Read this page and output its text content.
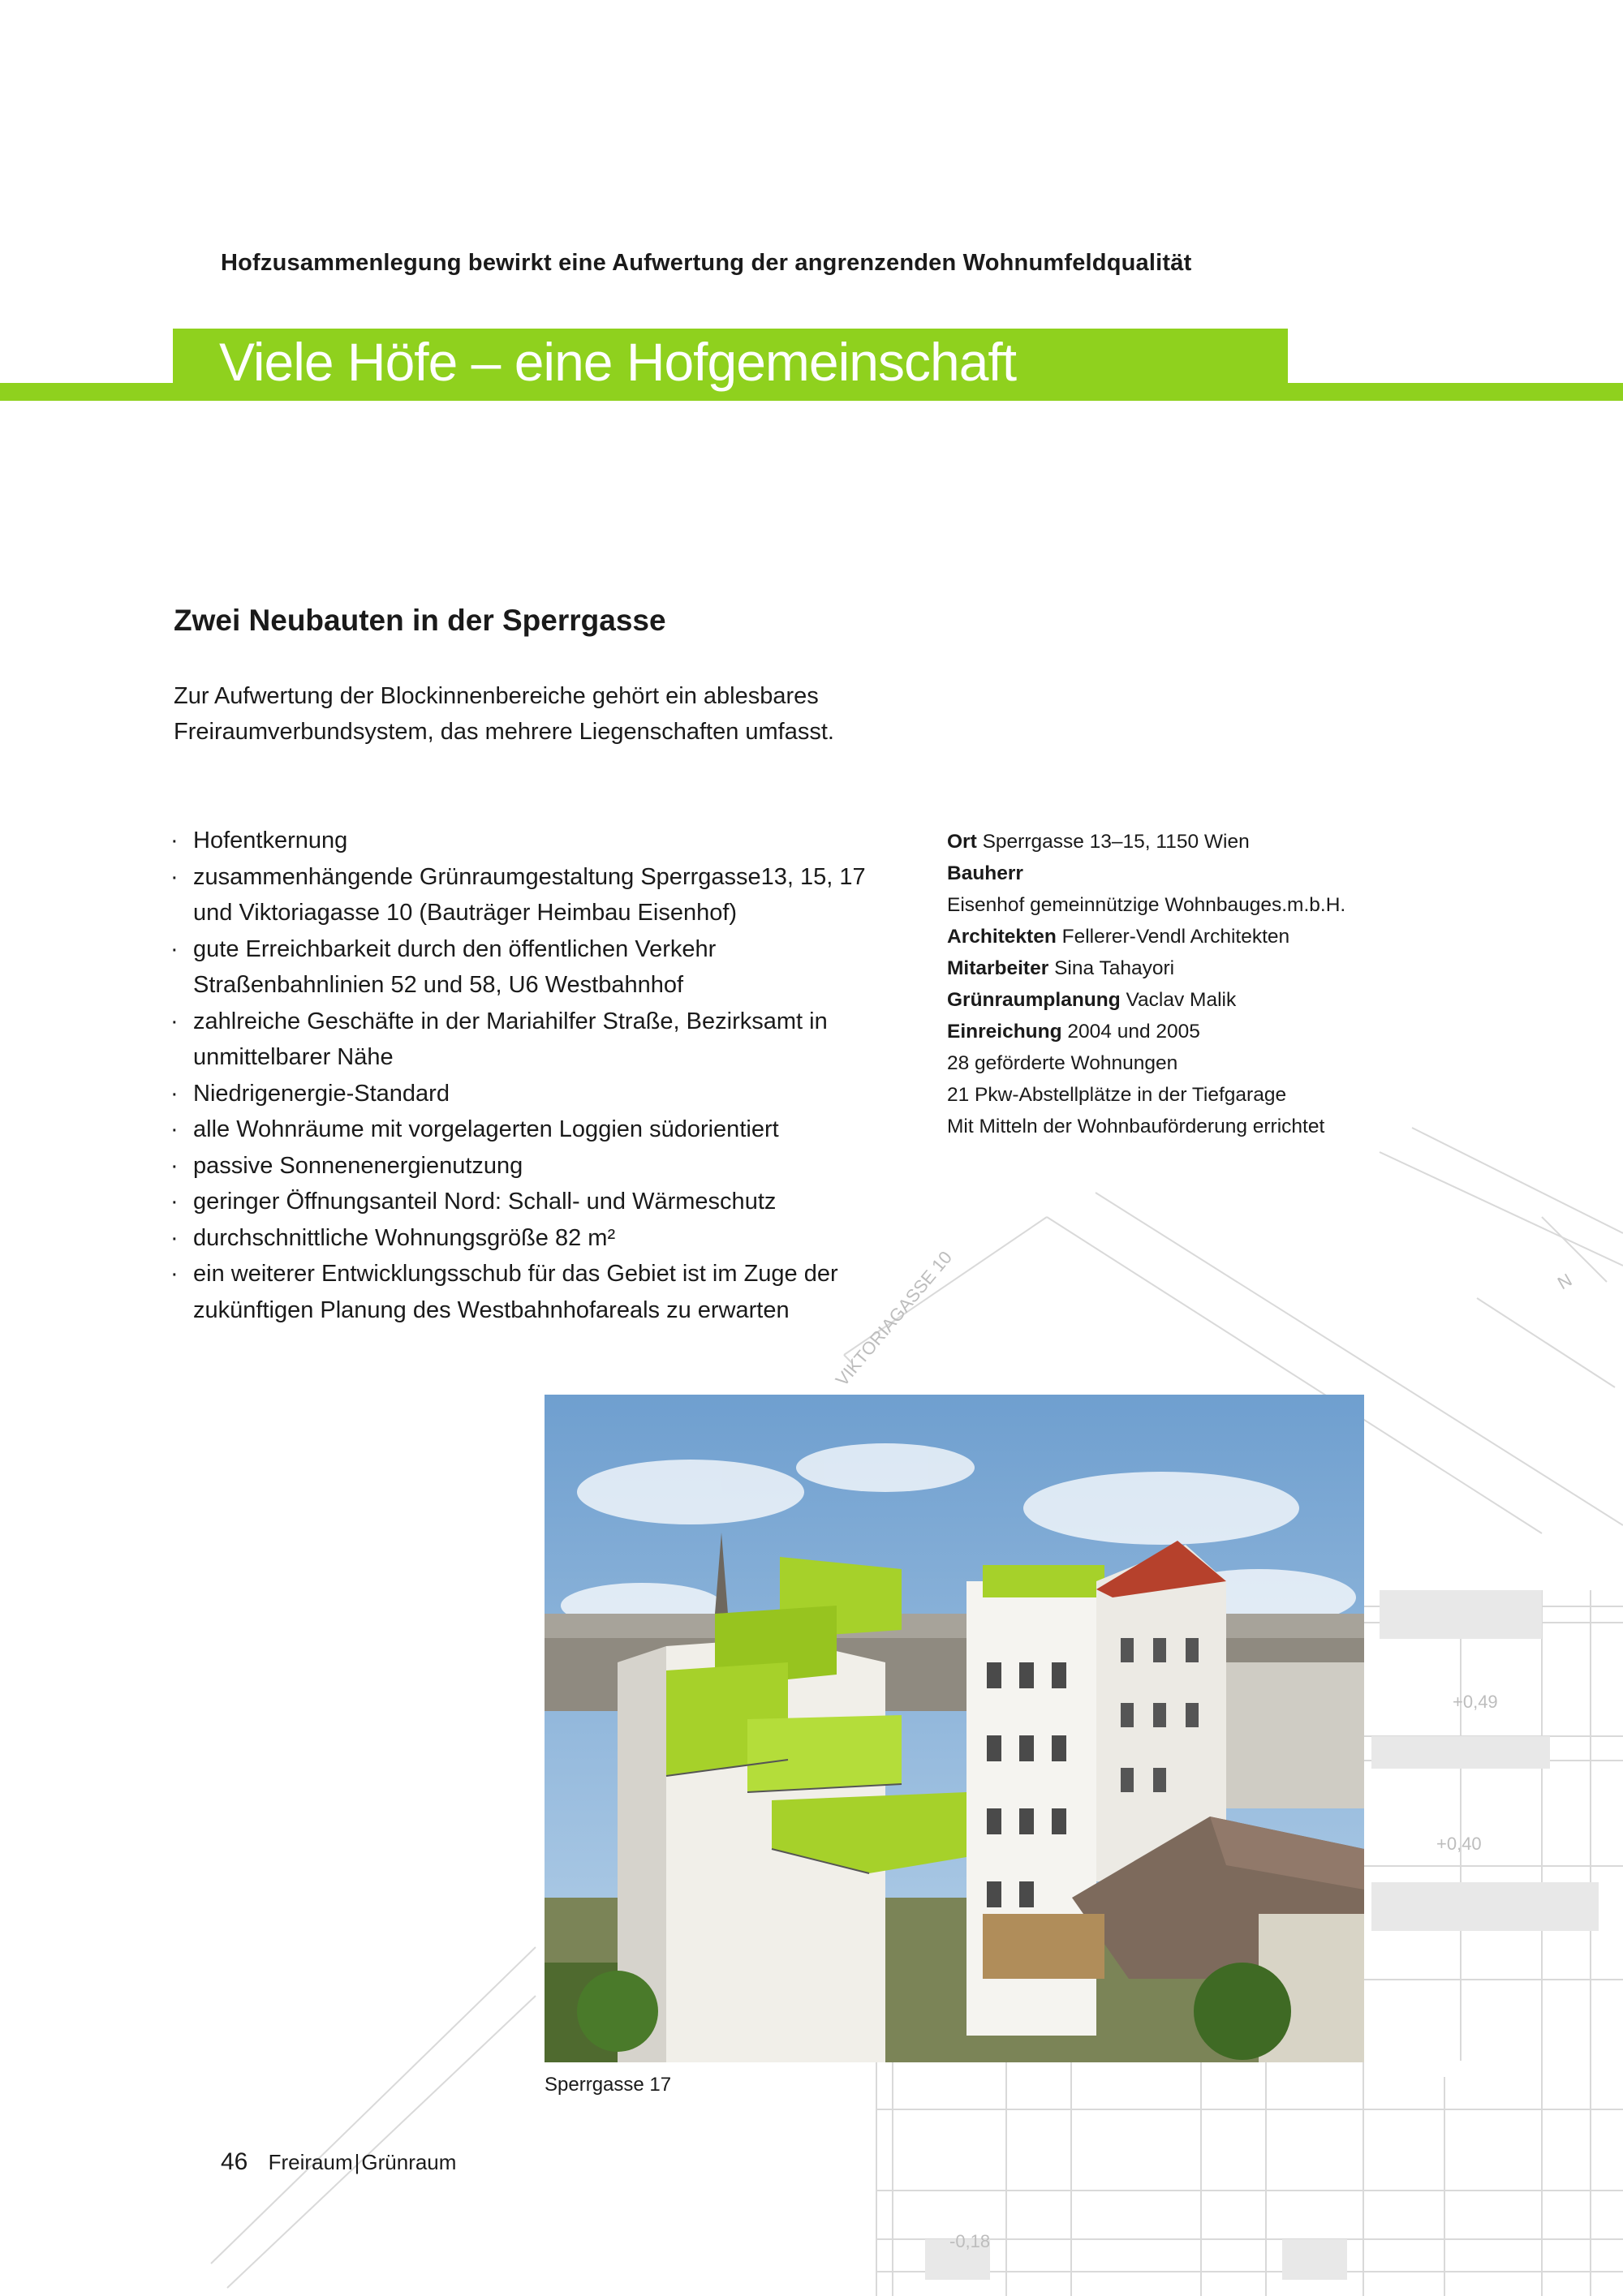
VIKTORIAGASSE 10
+0,49
+0,40
-0,18
N
Hofzusammenlegung bewirkt eine Aufwertung der angrenzenden Wohnumfeldqualität
Viele Höfe – eine Hofgemeinschaft
Zwei Neubauten in der Sperrgasse
Zur Aufwertung der Blockinnenbereiche gehört ein ablesbares
Freiraumverbundsystem, das mehrere Liegenschaften umfasst.
· Hofentkernung
· zusammenhängende Grünraumgestaltung Sperrgasse13, 15, 17
und Viktoriagasse 10 (Bauträger Heimbau Eisenhof)
· gute Erreichbarkeit durch den öffentlichen Verkehr
Straßenbahnlinien 52 und 58, U6 Westbahnhof
· zahlreiche Geschäfte in der Mariahilfer Straße, Bezirksamt in
unmittelbarer Nähe
· Niedrigenergie-Standard
· alle Wohnräume mit vorgelagerten Loggien südorientiert
· passive Sonnenenergienutzung
· geringer Öffnungsanteil Nord: Schall- und Wärmeschutz
· durchschnittliche Wohnungsgröße 82 m²
· ein weiterer Entwicklungsschub für das Gebiet ist im Zuge der
zukünftigen Planung des Westbahnhofareals zu erwarten
Ort Sperrgasse 13–15, 1150 Wien
Bauherr
Eisenhof gemeinnützige Wohnbauges.m.b.H.
Architekten Fellerer-Vendl Architekten
Mitarbeiter Sina Tahayori
Grünraumplanung Vaclav Malik
Einreichung 2004 und 2005
28 geförderte Wohnungen
21 Pkw-Abstellplätze in der Tiefgarage
Mit Mitteln der Wohnbauförderung errichtet
Sperrgasse 17
46 Freiraum|Grünraum
